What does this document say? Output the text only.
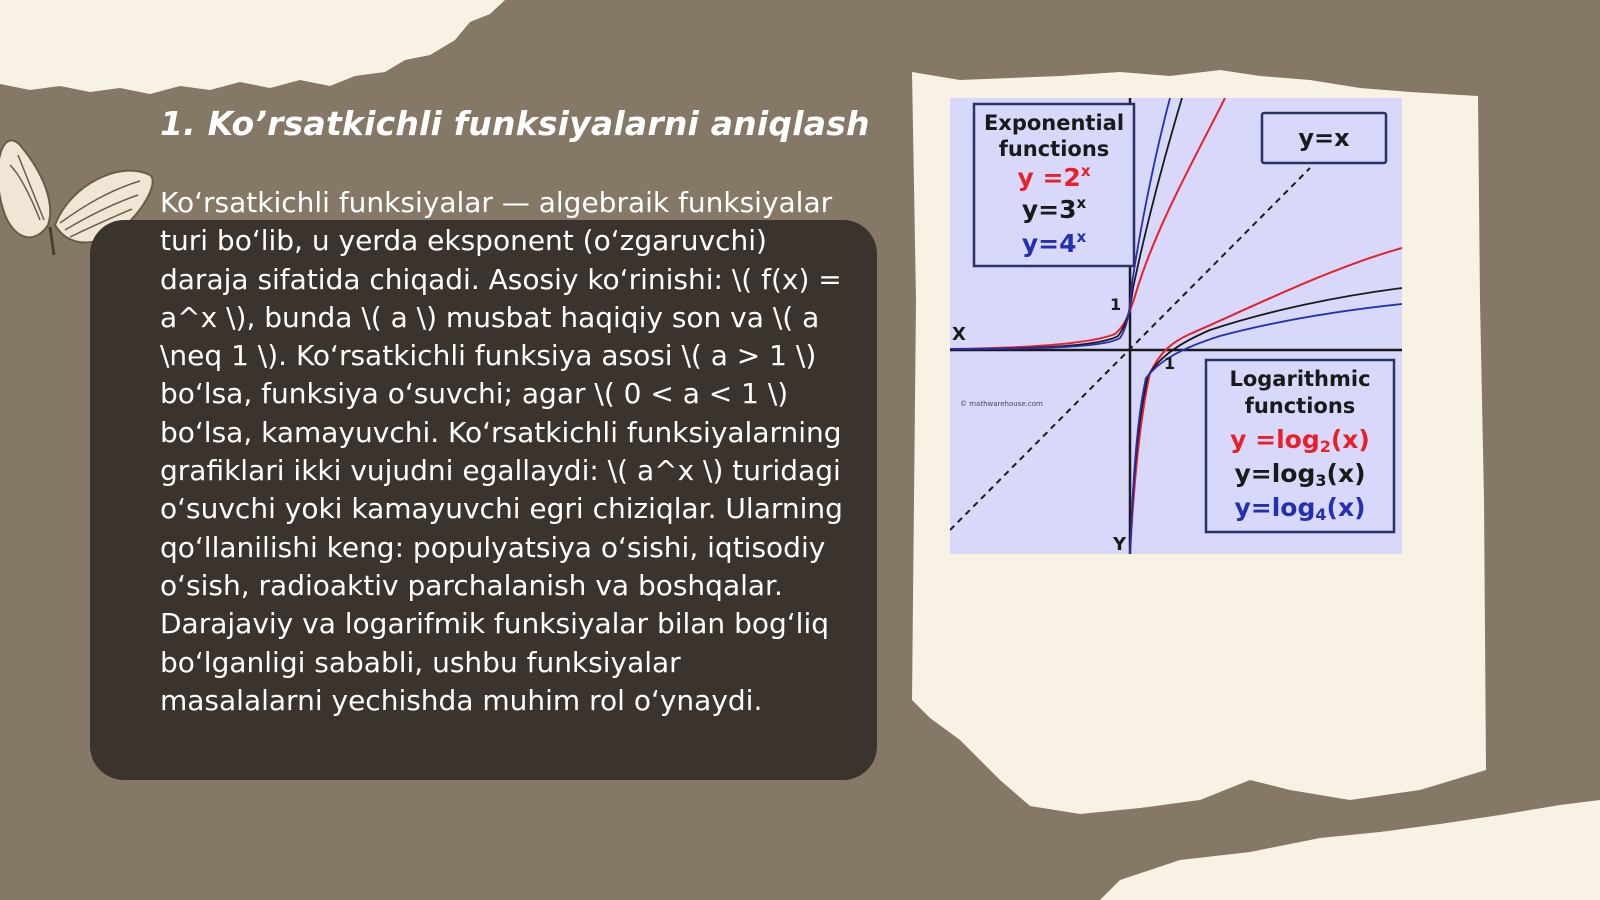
1. Ko’rsatkichli funksiyalarni aniqlash
Ko‘rsatkichli funksiyalar — algebraik funksiyalar turi bo‘lib, u yerda eksponent (o‘zgaruvchi) daraja sifatida chiqadi. Asosiy ko‘rinishi: \( f(x) = a^x \), bunda \( a \) musbat haqiqiy son va \( a \neq 1 \). Ko‘rsatkichli funksiya asosi \( a > 1 \) bo‘lsa, funksiya o‘suvchi; agar \( 0 < a < 1 \) bo‘lsa, kamayuvchi. Ko‘rsatkichli funksiyalarning grafiklari ikki vujudni egallaydi: \( a^x \) turidagi o‘suvchi yoki kamayuvchi egri chiziqlar. Ularning qo‘llanilishi keng: populyatsiya o‘sishi, iqtisodiy o‘sish, radioaktiv parchalanish va boshqalar. Darajaviy va logarifmik funksiyalar bilan bog‘liq bo‘lganligi sababli, ushbu funksiyalar masalalarni yechishda muhim rol o‘ynaydi.
Exponential
functions
$y =2^x$
$y=3^x$
$y=4^x$
y=x
Logarithmic
functions
y =log2(x)
y=log3(x)
y=log4(x)
X
Y
1
1
© mathwarehouse.com
